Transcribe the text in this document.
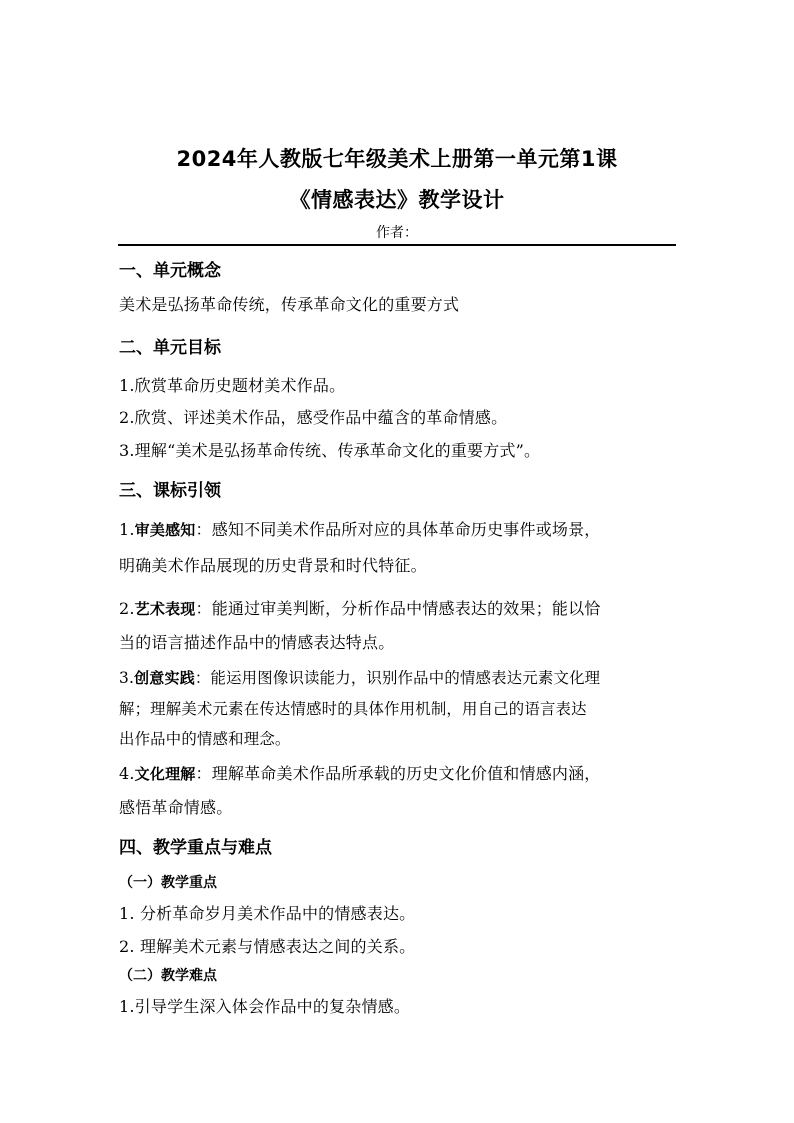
2024年人教版七年级美术上册第一单元第1课
《情感表达》教学设计
作者：
一、单元概念
美术是弘扬革命传统，传承革命文化的重要方式
二、单元目标
1.欣赏革命历史题材美术作品。
2.欣赏、评述美术作品，感受作品中蕴含的革命情感。
3.理解“美术是弘扬革命传统、传承革命文化的重要方式”。
三、课标引领
1.审美感知：感知不同美术作品所对应的具体革命历史事件或场景，
明确美术作品展现的历史背景和时代特征。
2.艺术表现：能通过审美判断，分析作品中情感表达的效果；能以恰
当的语言描述作品中的情感表达特点。
3.创意实践：能运用图像识读能力，识别作品中的情感表达元素文化理
解；理解美术元素在传达情感时的具体作用机制，用自己的语言表达
出作品中的情感和理念。
4.文化理解：理解革命美术作品所承载的历史文化价值和情感内涵，
感悟革命情感。
四、教学重点与难点
（一）教学重点
1. 分析革命岁月美术作品中的情感表达。
2. 理解美术元素与情感表达之间的关系。
（二）教学难点
1.引导学生深入体会作品中的复杂情感。
